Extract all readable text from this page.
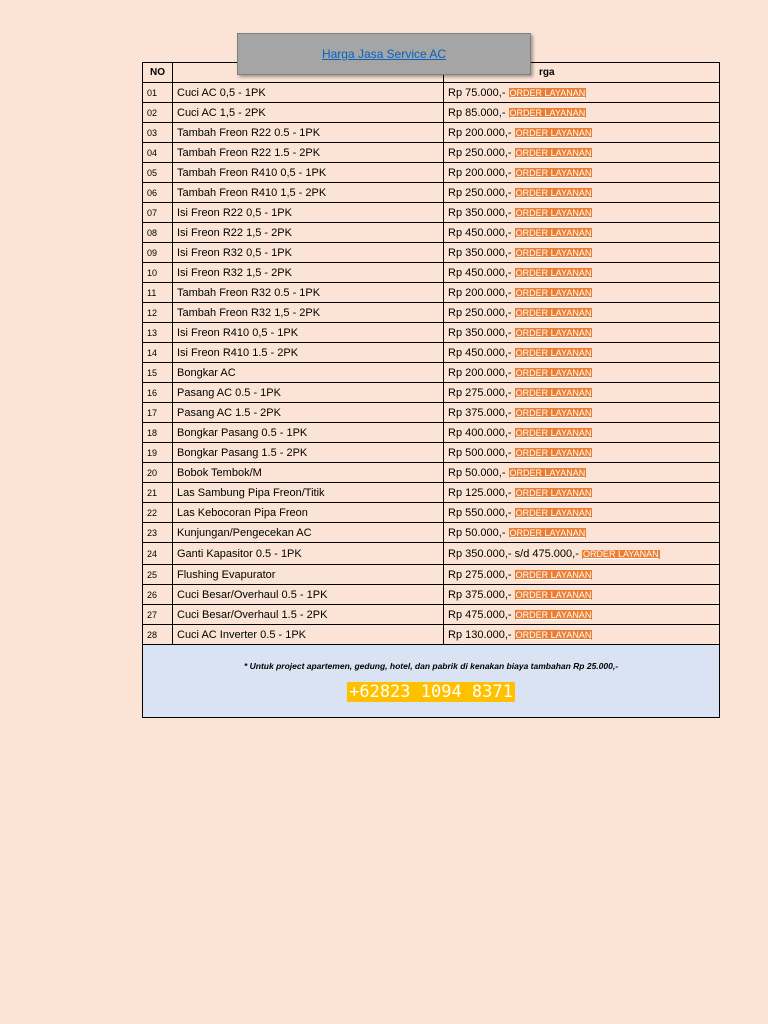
NO		rga
01	Cuci AC 0,5 - 1PK	Rp 75.000,- ORDER LAYANAN
02	Cuci AC 1,5 - 2PK	Rp 85.000,- ORDER LAYANAN
03	Tambah Freon R22 0.5 - 1PK	Rp 200.000,- ORDER LAYANAN
04	Tambah Freon R22 1.5 - 2PK	Rp 250.000,- ORDER LAYANAN
05	Tambah Freon R410 0,5 - 1PK	Rp 200.000,- ORDER LAYANAN
06	Tambah Freon R410 1,5 - 2PK	Rp 250.000,- ORDER LAYANAN
07	Isi Freon R22 0,5 - 1PK	Rp 350.000,- ORDER LAYANAN
08	Isi Freon R22 1,5 - 2PK	Rp 450.000,- ORDER LAYANAN
09	Isi Freon R32 0,5 - 1PK	Rp 350.000,- ORDER LAYANAN
10	Isi Freon R32 1,5 - 2PK	Rp 450.000,- ORDER LAYANAN
11	Tambah Freon R32 0.5 - 1PK	Rp 200.000,- ORDER LAYANAN
12	Tambah Freon R32 1,5 - 2PK	Rp 250.000,- ORDER LAYANAN
13	Isi Freon R410 0,5 - 1PK	Rp 350.000,- ORDER LAYANAN
14	Isi Freon R410 1.5 - 2PK	Rp 450.000,- ORDER LAYANAN
15	Bongkar AC	Rp 200.000,- ORDER LAYANAN
16	Pasang AC 0.5 - 1PK	Rp 275.000,- ORDER LAYANAN
17	Pasang AC 1.5 - 2PK	Rp 375.000,- ORDER LAYANAN
18	Bongkar Pasang 0.5 - 1PK	Rp 400.000,- ORDER LAYANAN
19	Bongkar Pasang 1.5 - 2PK	Rp 500.000,- ORDER LAYANAN
20	Bobok Tembok/M	Rp 50.000,- ORDER LAYANAN
21	Las Sambung Pipa Freon/Titik	Rp 125.000,- ORDER LAYANAN
22	Las Kebocoran Pipa Freon	Rp 550.000,- ORDER LAYANAN
23	Kunjungan/Pengecekan AC	Rp 50.000,- ORDER LAYANAN
24	Ganti Kapasitor 0.5 - 1PK	Rp 350.000,- s/d 475.000,- ORDER LAYANAN
25	Flushing Evapurator	Rp 275.000,- ORDER LAYANAN
26	Cuci Besar/Overhaul 0.5 - 1PK	Rp 375.000,- ORDER LAYANAN
27	Cuci Besar/Overhaul 1.5 - 2PK	Rp 475.000,- ORDER LAYANAN
28	Cuci AC Inverter 0.5 - 1PK	Rp 130.000,- ORDER LAYANAN

* Untuk project apartemen, gedung, hotel, dan pabrik di kenakan biaya tambahan Rp 25.000,-

+62823 1094 8371		
Harga Jasa Service AC
